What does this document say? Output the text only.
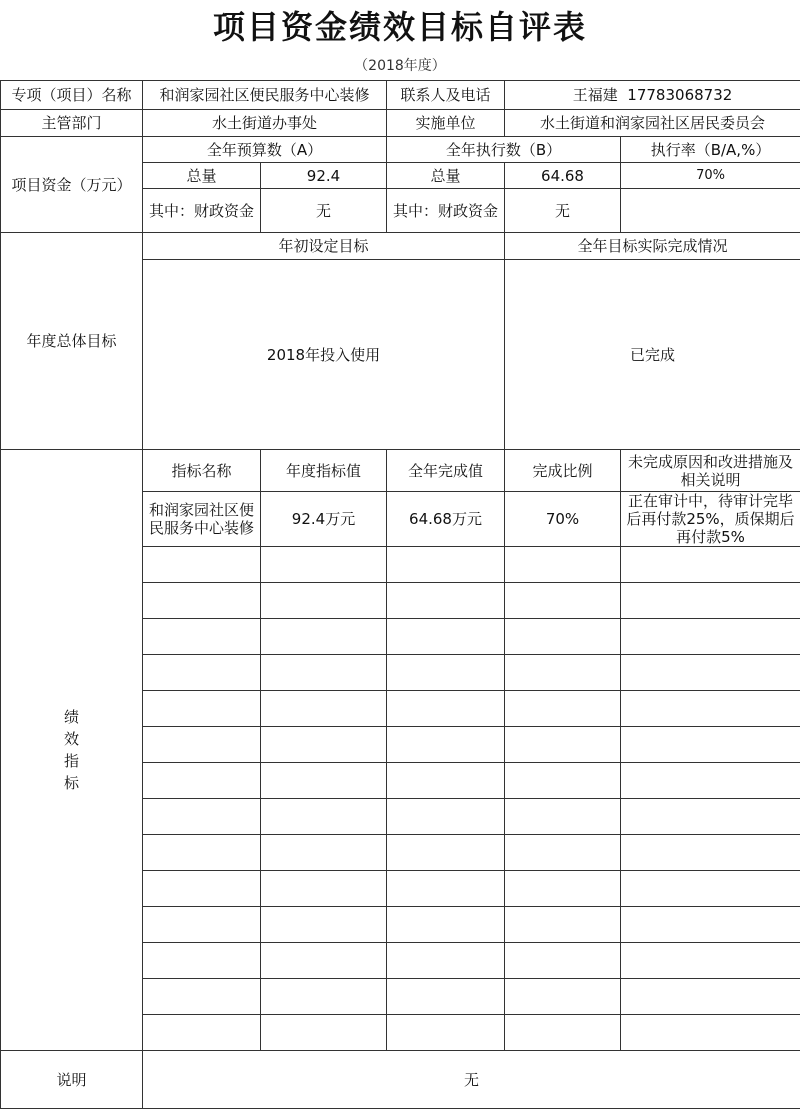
项目资金绩效目标自评表
（2018年度）
专项（项目）名称	和润家园社区便民服务中心装修		联系人及电话	王福建  17783068732	
主管部门	水土街道办事处		实施单位	水土街道和润家园社区居民委员会	
项目资金（万元）	全年预算数（A）		全年执行数（B）		执行率（B/A,%）
	总量	92.4	总量	64.68	70%
	其中：财政资金	无	其中：财政资金	无	
年度总体目标	年初设定目标			全年目标实际完成情况	
	2018年投入使用			已完成	
绩效指标	指标名称	年度指标值	全年完成值	完成比例	未完成原因和改进措施及相关说明
	和润家园社区便民服务中心装修	92.4万元	64.68万元	70%	正在审计中，待审计完毕后再付款25%，质保期后再付款5%

说明	无				
